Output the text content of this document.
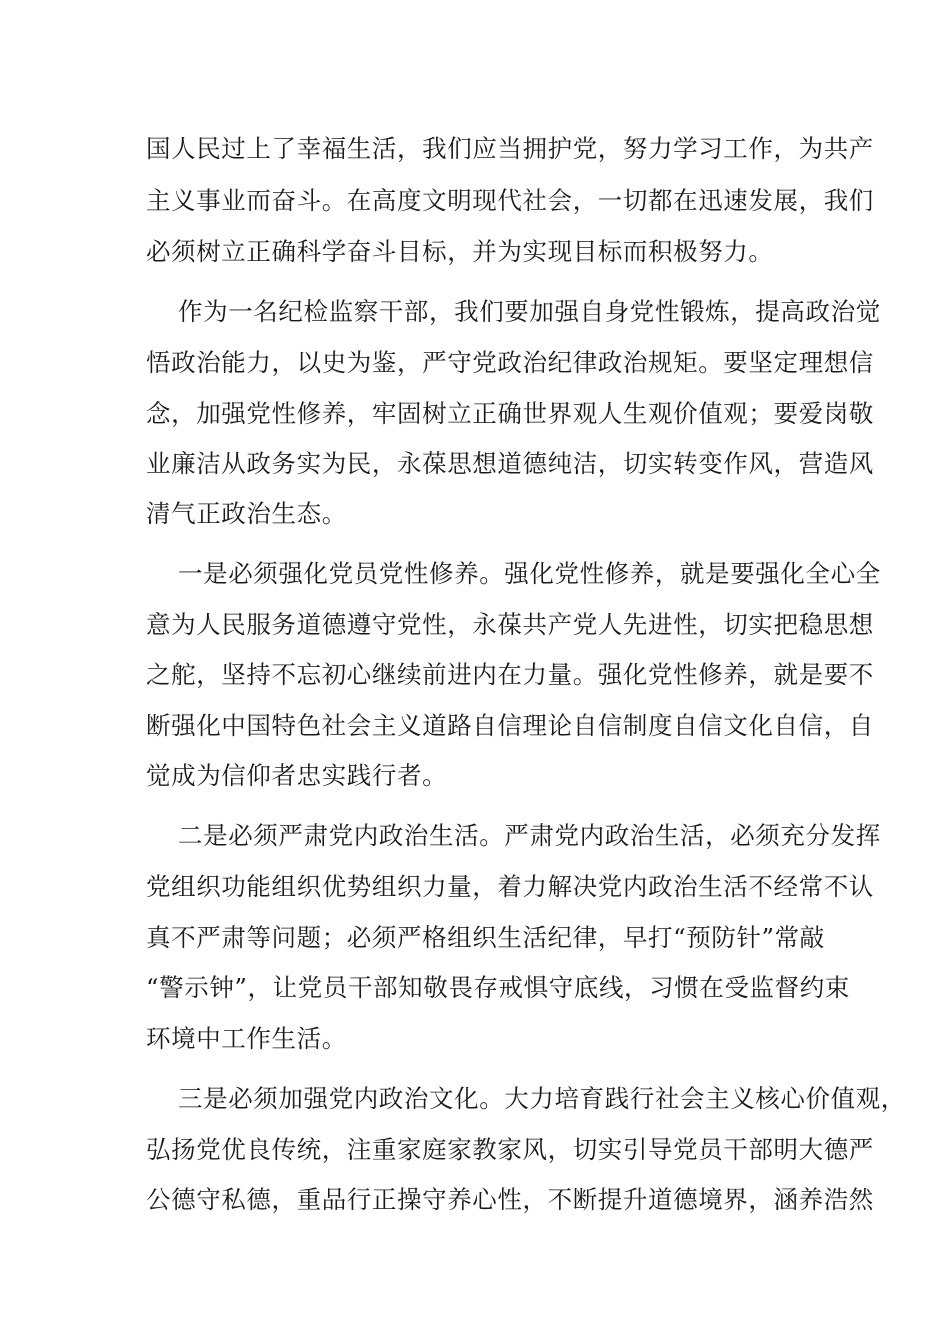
国人民过上了幸福生活，我们应当拥护党，努力学习工作，为共产

主义事业而奋斗。在高度文明现代社会，一切都在迅速发展，我们

必须树立正确科学奋斗目标，并为实现目标而积极努力。

作为一名纪检监察干部，我们要加强自身党性锻炼，提高政治觉

悟政治能力，以史为鉴，严守党政治纪律政治规矩。要坚定理想信

念，加强党性修养，牢固树立正确世界观人生观价值观；要爱岗敬

业廉洁从政务实为民，永葆思想道德纯洁，切实转变作风，营造风

清气正政治生态。

一是必须强化党员党性修养。强化党性修养，就是要强化全心全

意为人民服务道德遵守党性，永葆共产党人先进性，切实把稳思想

之舵，坚持不忘初心继续前进内在力量。强化党性修养，就是要不

断强化中国特色社会主义道路自信理论自信制度自信文化自信，自

觉成为信仰者忠实践行者。

二是必须严肃党内政治生活。严肃党内政治生活，必须充分发挥

党组织功能组织优势组织力量，着力解决党内政治生活不经常不认

真不严肃等问题；必须严格组织生活纪律，早打“预防针”常敲

“警示钟”，让党员干部知敬畏存戒惧守底线，习惯在受监督约束

环境中工作生活。

三是必须加强党内政治文化。大力培育践行社会主义核心价值观，

弘扬党优良传统，注重家庭家教家风，切实引导党员干部明大德严

公德守私德，重品行正操守养心性，不断提升道德境界，涵养浩然
